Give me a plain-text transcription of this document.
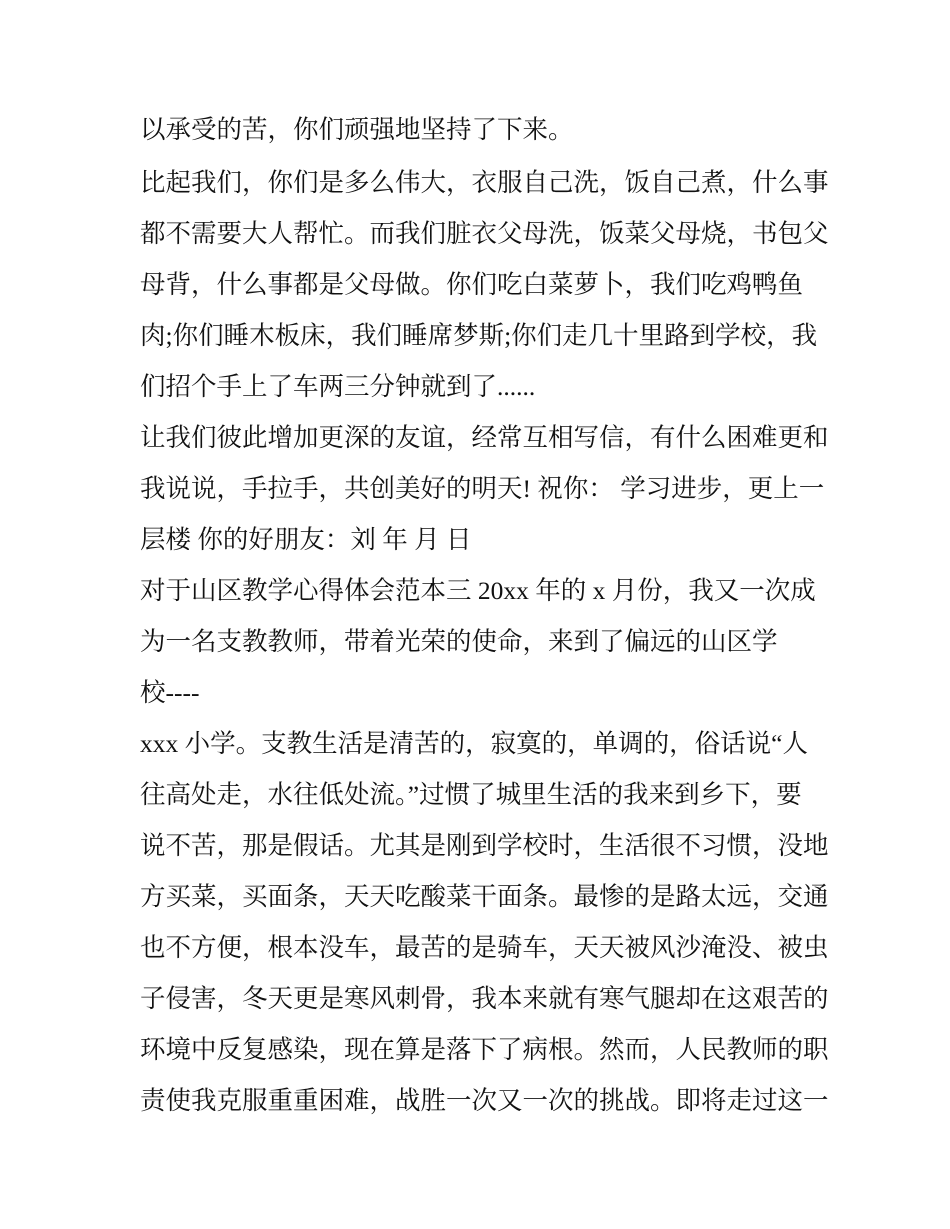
以承受的苦，你们顽强地坚持了下来。
比起我们，你们是多么伟大，衣服自己洗，饭自己煮，什么事
都不需要大人帮忙。而我们脏衣父母洗，饭菜父母烧，书包父
母背，什么事都是父母做。你们吃白菜萝卜，我们吃鸡鸭鱼
肉;你们睡木板床，我们睡席梦斯;你们走几十里路到学校，我
们招个手上了车两三分钟就到了......
让我们彼此增加更深的友谊，经常互相写信，有什么困难更和
我说说，手拉手，共创美好的明天! 祝你： 学习进步，更上一
层楼 你的好朋友：刘 年 月 日
对于山区教学心得体会范本三 20xx 年的 x 月份，我又一次成
为一名支教教师，带着光荣的使命，来到了偏远的山区学
校----
xxx 小学。支教生活是清苦的，寂寞的，单调的，俗话说“人
往高处走，水往低处流。”过惯了城里生活的我来到乡下，要
说不苦，那是假话。尤其是刚到学校时，生活很不习惯，没地
方买菜，买面条，天天吃酸菜干面条。最惨的是路太远，交通
也不方便，根本没车，最苦的是骑车，天天被风沙淹没、被虫
子侵害，冬天更是寒风刺骨，我本来就有寒气腿却在这艰苦的
环境中反复感染，现在算是落下了病根。然而，人民教师的职
责使我克服重重困难，战胜一次又一次的挑战。即将走过这一
